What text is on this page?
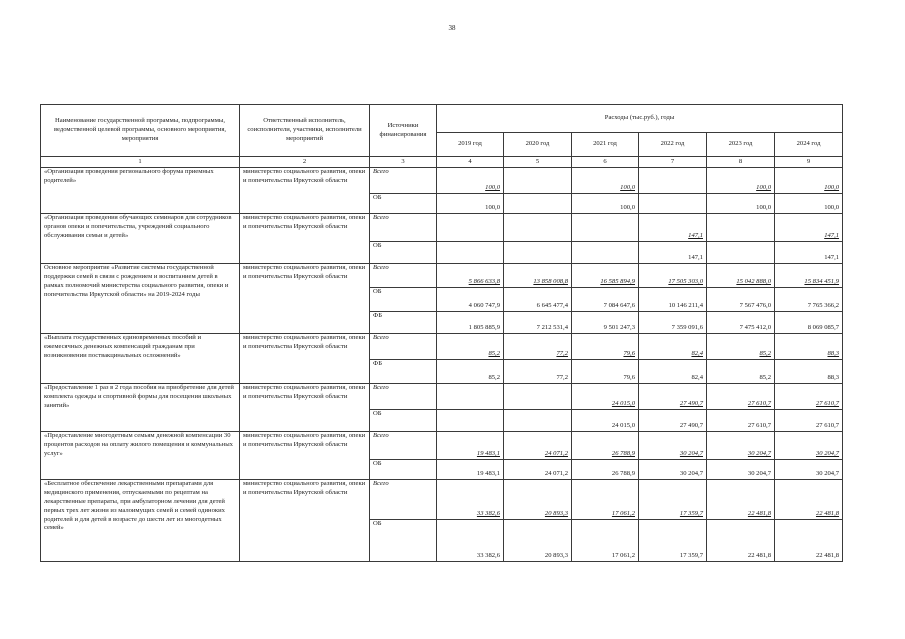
38
Наименование государственной программы, подпрограммы, ведомственной целевой программы, основного мероприятия, мероприятия	Ответственный исполнитель, соисполнители, участники, исполнители мероприятий	Источники финансирования	Расходы (тыс.руб.), годы					
			2019 год	2020 год	2021 год	2022 год	2023 год	2024 год
1	2	3	4	5	6	7	8	9
«Организация проведения регионального форума приемных родителей»	министерство социального развития, опеки и попечительства Иркутской области	Всего	100,0		100,0		100,0	100,0
		ОБ	100,0		100,0		100,0	100,0
«Организация проведения обучающих семинаров для сотрудников органов опеки и попечительства, учреждений социального обслуживания семьи и детей»	министерство социального развития, опеки и попечительства Иркутской области	Всего				147,1		147,1
		ОБ				147,1		147,1
Основное мероприятие «Развитие системы государственной поддержки семей в связи с рождением и воспитанием детей в рамках полномочий министерства социального развития, опеки и попечительства Иркутской области» на 2019-2024 годы	министерство социального развития, опеки и попечительства Иркутской области	Всего	5 866 633,8	13 858 008,8	16 585 894,9	17 505 303,0	15 042 888,0	15 834 451,9
		ОБ	4 060 747,9	6 645 477,4	7 084 647,6	10 146 211,4	7 567 476,0	7 765 366,2
		ФБ	1 805 885,9	7 212 531,4	9 501 247,3	7 359 091,6	7 475 412,0	8 069 085,7
«Выплата государственных единовременных пособий и ежемесячных денежных компенсаций гражданам при возникновении поствакцинальных осложнений»	министерство социального развития, опеки и попечительства Иркутской области	Всего	85,2	77,2	79,6	82,4	85,2	88,3
		ФБ	85,2	77,2	79,6	82,4	85,2	88,3
«Предоставление 1 раз в 2 года пособия на приобретение для детей комплекта одежды и спортивной формы для посещения школьных занятий»	министерство социального развития, опеки и попечительства Иркутской области	Всего			24 015,0	27 490,7	27 610,7	27 610,7
		ОБ			24 015,0	27 490,7	27 610,7	27 610,7
«Предоставление многодетным семьям денежной компенсации 30 процентов расходов на оплату жилого помещения и коммунальных услуг»	министерство социального развития, опеки и попечительства Иркутской области	Всего	19 483,1	24 071,2	26 788,9	30 204,7	30 204,7	30 204,7
		ОБ	19 483,1	24 071,2	26 788,9	30 204,7	30 204,7	30 204,7
«Бесплатное обеспечение лекарственными препаратами для медицинского применения, отпускаемыми по рецептам на лекарственные препараты, при амбулаторном лечении для детей первых трех лет жизни из малоимущих семей и семей одиноких родителей и для детей в возрасте до шести лет из многодетных семей»	министерство социального развития, опеки и попечительства Иркутской области	Всего	33 382,6	20 893,3	17 061,2	17 359,7	22 481,8	22 481,8
		ОБ	33 382,6	20 893,3	17 061,2	17 359,7	22 481,8	22 481,8
